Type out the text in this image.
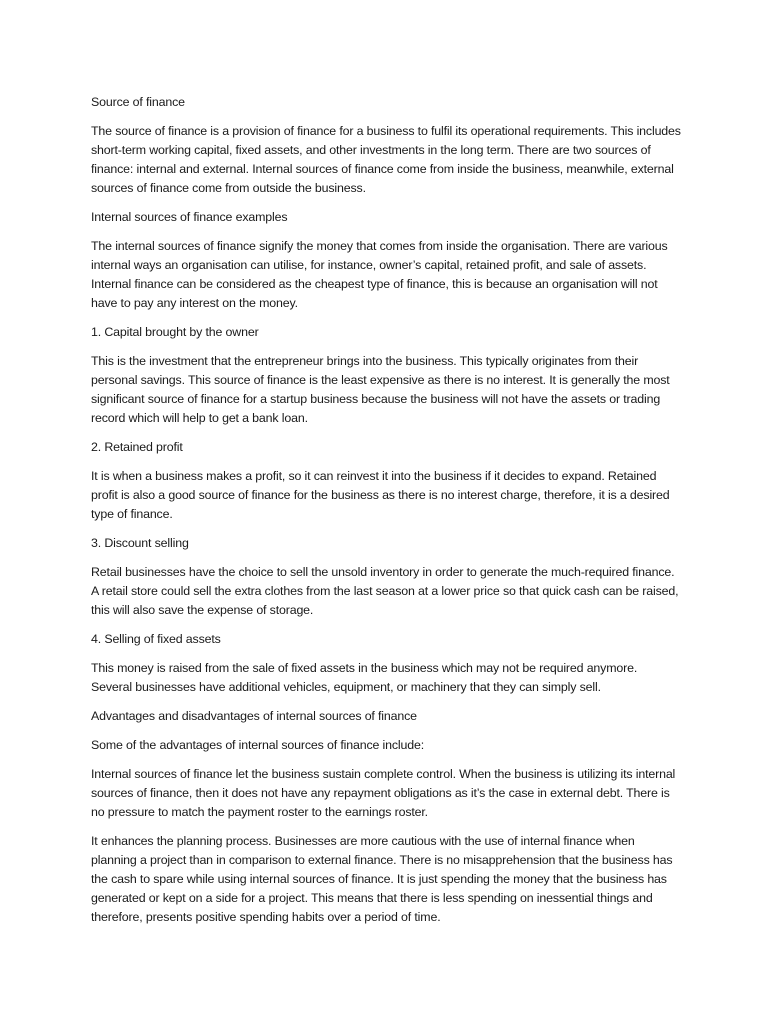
Source of finance

The source of finance is a provision of finance for a business to fulfil its operational requirements. This includes short-term working capital, fixed assets, and other investments in the long term. There are two sources of finance: internal and external. Internal sources of finance come from inside the business, meanwhile, external sources of finance come from outside the business.

Internal sources of finance examples

The internal sources of finance signify the money that comes from inside the organisation. There are various internal ways an organisation can utilise, for instance, owner’s capital, retained profit, and sale of assets. Internal finance can be considered as the cheapest type of finance, this is because an organisation will not have to pay any interest on the money.

1. Capital brought by the owner

This is the investment that the entrepreneur brings into the business. This typically originates from their personal savings. This source of finance is the least expensive as there is no interest. It is generally the most significant source of finance for a startup business because the business will not have the assets or trading record which will help to get a bank loan.

2. Retained profit

It is when a business makes a profit, so it can reinvest it into the business if it decides to expand. Retained profit is also a good source of finance for the business as there is no interest charge, therefore, it is a desired type of finance.

3. Discount selling

Retail businesses have the choice to sell the unsold inventory in order to generate the much-required finance. A retail store could sell the extra clothes from the last season at a lower price so that quick cash can be raised, this will also save the expense of storage.

4. Selling of fixed assets

This money is raised from the sale of fixed assets in the business which may not be required anymore. Several businesses have additional vehicles, equipment, or machinery that they can simply sell.

Advantages and disadvantages of internal sources of finance

Some of the advantages of internal sources of finance include:

Internal sources of finance let the business sustain complete control. When the business is utilizing its internal sources of finance, then it does not have any repayment obligations as it’s the case in external debt. There is no pressure to match the payment roster to the earnings roster.

It enhances the planning process. Businesses are more cautious with the use of internal finance when planning a project than in comparison to external finance. There is no misapprehension that the business has the cash to spare while using internal sources of finance. It is just spending the money that the business has generated or kept on a side for a project. This means that there is less spending on inessential things and therefore, presents positive spending habits over a period of time.
